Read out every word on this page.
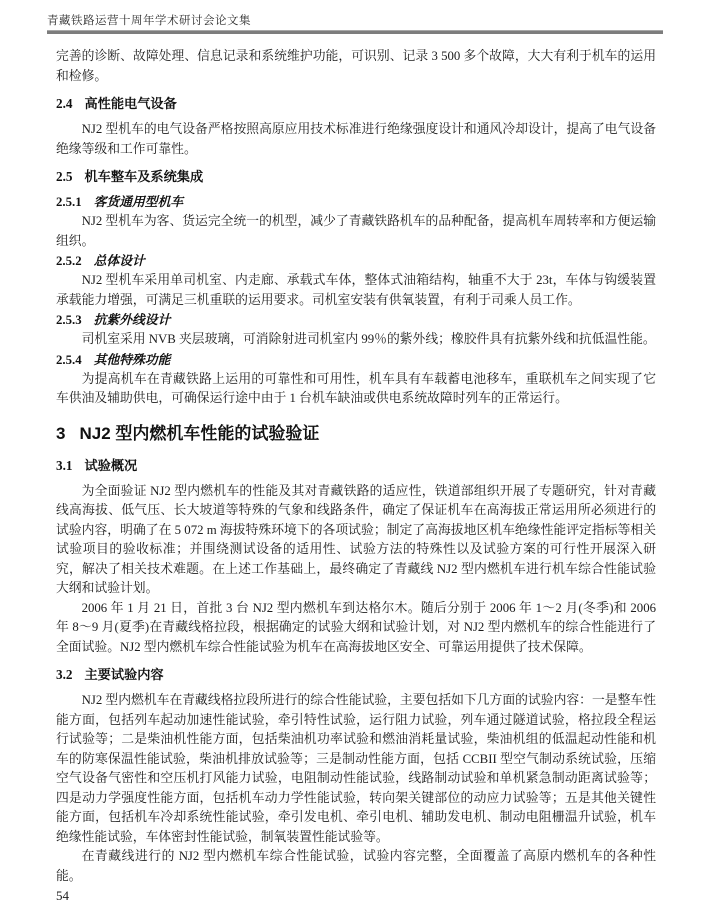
青藏铁路运营十周年学术研讨会论文集

完善的诊断、故障处理、信息记录和系统维护功能，可识别、记录 3 500 多个故障，大大有利于机车的运用和检修。

2.4 高性能电气设备

NJ2 型机车的电气设备严格按照高原应用技术标准进行绝缘强度设计和通风冷却设计，提高了电气设备绝缘等级和工作可靠性。

2.5 机车整车及系统集成
2.5.1 客货通用型机车

NJ2 型机车为客、货运完全统一的机型，减少了青藏铁路机车的品种配备，提高机车周转率和方便运输组织。

2.5.2 总体设计

NJ2 型机车采用单司机室、内走廊、承载式车体，整体式油箱结构，轴重不大于 23t，车体与钩缓装置承载能力增强，可满足三机重联的运用要求。司机室安装有供氧装置，有利于司乘人员工作。

2.5.3 抗紫外线设计

司机室采用 NVB 夹层玻璃，可消除射进司机室内 99％的紫外线；橡胶件具有抗紫外线和抗低温性能。

2.5.4 其他特殊功能

为提高机车在青藏铁路上运用的可靠性和可用性，机车具有车载蓄电池移车，重联机车之间实现了它车供油及辅助供电，可确保运行途中由于 1 台机车缺油或供电系统故障时列车的正常运行。

3 NJ2 型内燃机车性能的试验验证
3.1 试验概况

为全面验证 NJ2 型内燃机车的性能及其对青藏铁路的适应性，铁道部组织开展了专题研究，针对青藏线高海拔、低气压、长大坡道等特殊的气象和线路条件，确定了保证机车在高海拔正常运用所必须进行的试验内容，明确了在 5 072 m 海拔特殊环境下的各项试验；制定了高海拔地区机车绝缘性能评定指标等相关试验项目的验收标准；并围绕测试设备的适用性、试验方法的特殊性以及试验方案的可行性开展深入研究，解决了相关技术难题。在上述工作基础上，最终确定了青藏线 NJ2 型内燃机车进行机车综合性能试验大纲和试验计划。

2006 年 1 月 21 日，首批 3 台 NJ2 型内燃机车到达格尔木。随后分别于 2006 年 1～2 月(冬季)和 2006 年 8～9 月(夏季)在青藏线格拉段，根据确定的试验大纲和试验计划，对 NJ2 型内燃机车的综合性能进行了全面试验。NJ2 型内燃机车综合性能试验为机车在高海拔地区安全、可靠运用提供了技术保障。

3.2 主要试验内容

NJ2 型内燃机车在青藏线格拉段所进行的综合性能试验，主要包括如下几方面的试验内容：一是整车性能方面，包括列车起动加速性能试验，牵引特性试验，运行阻力试验，列车通过隧道试验，格拉段全程运行试验等；二是柴油机性能方面，包括柴油机功率试验和燃油消耗量试验，柴油机组的低温起动性能和机车的防寒保温性能试验，柴油机排放试验等；三是制动性能方面，包括 CCBII 型空气制动系统试验，压缩空气设备气密性和空压机打风能力试验，电阻制动性能试验，线路制动试验和单机紧急制动距离试验等；四是动力学强度性能方面，包括机车动力学性能试验，转向架关键部位的动应力试验等；五是其他关键性能方面，包括机车冷却系统性能试验，牵引发电机、牵引电机、辅助发电机、制动电阻栅温升试验，机车绝缘性能试验，车体密封性能试验，制氧装置性能试验等。

在青藏线进行的 NJ2 型内燃机车综合性能试验，试验内容完整，全面覆盖了高原内燃机车的各种性能。

54
